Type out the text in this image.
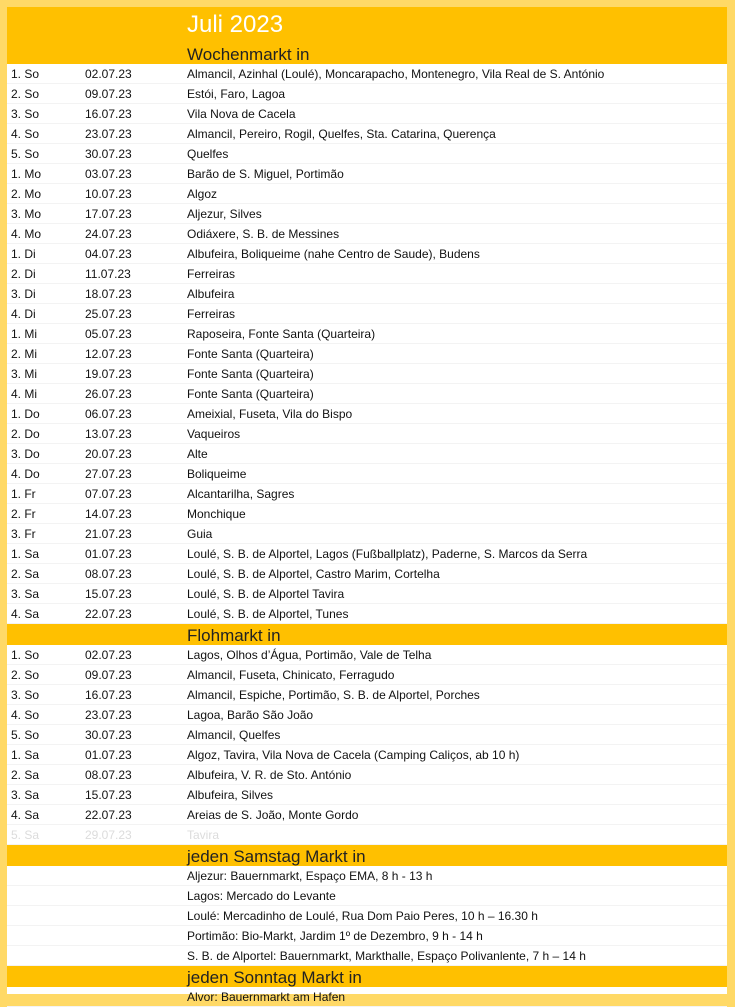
Juli 2023
Wochenmarkt in
1. So	02.07.23	Almancil, Azinhal (Loulé), Moncarapacho, Montenegro, Vila Real de S. António
2. So	09.07.23	Estói, Faro, Lagoa
3. So	16.07.23	Vila Nova de Cacela
4. So	23.07.23	Almancil, Pereiro, Rogil, Quelfes, Sta. Catarina, Querença
5. So	30.07.23	Quelfes
1. Mo	03.07.23	Barão de S. Miguel, Portimão
2. Mo	10.07.23	Algoz
3. Mo	17.07.23	Aljezur, Silves
4. Mo	24.07.23	Odiáxere, S. B. de Messines
1. Di	04.07.23	Albufeira, Boliqueime (nahe Centro de Saude), Budens
2. Di	11.07.23	Ferreiras
3. Di	18.07.23	Albufeira
4. Di	25.07.23	Ferreiras
1. Mi	05.07.23	Raposeira, Fonte Santa (Quarteira)
2. Mi	12.07.23	Fonte Santa (Quarteira)
3. Mi	19.07.23	Fonte Santa (Quarteira)
4. Mi	26.07.23	Fonte Santa (Quarteira)
1. Do	06.07.23	Ameixial, Fuseta, Vila do Bispo
2. Do	13.07.23	Vaqueiros
3. Do	20.07.23	Alte
4. Do	27.07.23	Boliqueime
1. Fr	07.07.23	Alcantarilha, Sagres
2. Fr	14.07.23	Monchique
3. Fr	21.07.23	Guia
1. Sa	01.07.23	Loulé, S. B. de Alportel, Lagos (Fußballplatz), Paderne, S. Marcos da Serra
2. Sa	08.07.23	Loulé, S. B. de Alportel, Castro Marim, Cortelha
3. Sa	15.07.23	Loulé, S. B. de Alportel Tavira
4. Sa	22.07.23	Loulé, S. B. de Alportel, Tunes
Flohmarkt in
1. So	02.07.23	Lagos, Olhos d’Água, Portimão, Vale de Telha
2. So	09.07.23	Almancil, Fuseta, Chinicato, Ferragudo
3. So	16.07.23	Almancil, Espiche, Portimão, S. B. de Alportel, Porches
4. So	23.07.23	Lagoa, Barão São João
5. So	30.07.23	Almancil, Quelfes
1. Sa	01.07.23	Algoz, Tavira, Vila Nova de Cacela (Camping Caliços, ab 10 h)
2. Sa	08.07.23	Albufeira, V. R. de Sto. António
3. Sa	15.07.23	Albufeira, Silves
4. Sa	22.07.23	Areias de S. João, Monte Gordo
5. Sa	29.07.23	Tavira
jeden Samstag Markt in
Aljezur: Bauernmarkt, Espaço EMA, 8 h - 13 h
Lagos: Mercado do Levante
Loulé: Mercadinho de Loulé, Rua Dom Paio Peres, 10 h – 16.30 h
Portimão: Bio-Markt, Jardim 1º de Dezembro, 9 h - 14 h
S. B. de Alportel: Bauernmarkt, Markthalle, Espaço Polivanlente, 7 h – 14 h
jeden Sonntag Markt in
Alvor: Bauernmarkt am Hafen
